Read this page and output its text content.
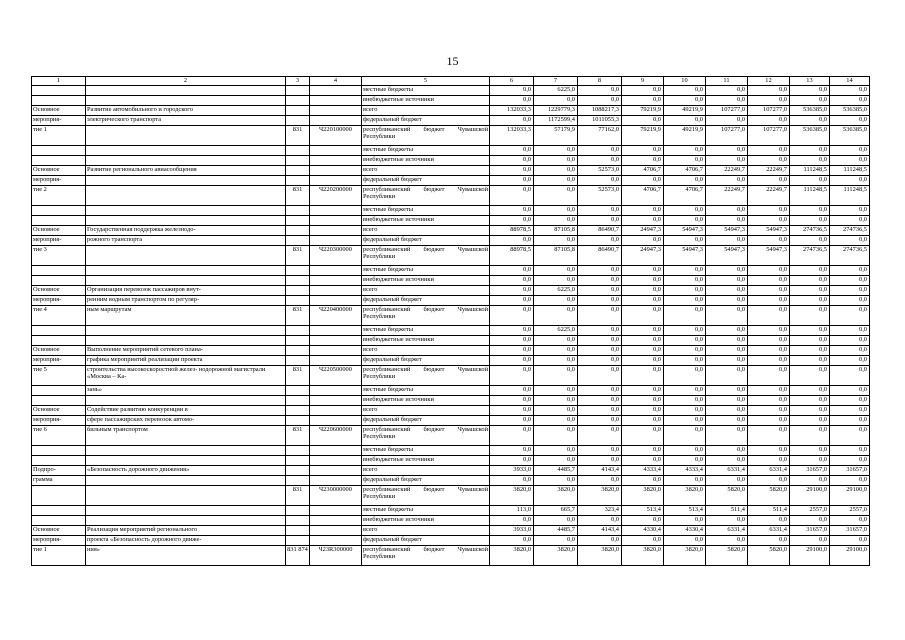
15
1	2	3	4	5	6	7	8	9	10	11	12	13	14
				местные бюджеты	0,0	6225,0	0,0	0,0	0,0	0,0	0,0	0,0	0,0
				внебюджетные источники	0,0	0,0	0,0	0,0	0,0	0,0	0,0	0,0	0,0
Основное	Развитие автомобильного и городского			всего	132033,3	1229779,3	1088217,3	79219,9	49219,9	107277,0	107277,0	536385,0	536385,0
мероприя-	электрического транспорта			федеральный бюджет	0,0	1172599,4	1011055,3	0,0	0,0	0,0	0,0	0,0	0,0
тие 1		831	Ч220100000	республиканский бюджет Чувашской Республики	132033,3	57179,9	77162,0	79219,9	49219,9	107277,0	107277,0	536385,0	536385,0
				местные бюджеты	0,0	0,0	0,0	0,0	0,0	0,0	0,0	0,0	0,0
				внебюджетные источники	0,0	0,0	0,0	0,0	0,0	0,0	0,0	0,0	0,0
Основное	Развитие регионального авиасообщения			всего	0,0	0,0	52573,0	4706,7	4706,7	22249,7	22249,7	111248,5	111248,5
мероприя-				федеральный бюджет	0,0	0,0	0,0	0,0	0,0	0,0	0,0	0,0	0,0
тие 2		831	Ч220200000	республиканский бюджет Чувашской Республики	0,0	0,0	52573,0	4706,7	4706,7	22249,7	22249,7	111248,5	111248,5
				местные бюджеты	0,0	0,0	0,0	0,0	0,0	0,0	0,0	0,0	0,0
				внебюджетные источники	0,0	0,0	0,0	0,0	0,0	0,0	0,0	0,0	0,0
Основное	Государственная поддержка железнодо-			всего	88978,5	87105,8	86490,7	24947,3	54947,3	54947,3	54947,3	274736,5	274736,5
мероприя-	рожного транспорта			федеральный бюджет	0,0	0,0	0,0	0,0	0,0	0,0	0,0	0,0	0,0
тие 3		831	Ч220300000	республиканский бюджет Чувашской Республики	88978,5	87105,8	86490,7	24947,3	54947,3	54947,3	54947,3	274736,5	274736,5
				местные бюджеты	0,0	0,0	0,0	0,0	0,0	0,0	0,0	0,0	0,0
				внебюджетные источники	0,0	0,0	0,0	0,0	0,0	0,0	0,0	0,0	0,0
Основное	Организация перевозок пассажиров внут-			всего	0,0	6225,0	0,0	0,0	0,0	0,0	0,0	0,0	0,0
мероприя-	ренним водным транспортом по регуляр-			федеральный бюджет	0,0	0,0	0,0	0,0	0,0	0,0	0,0	0,0	0,0
тие 4	ным маршрутам	831	Ч220400000	республиканский бюджет Чувашской Республики	0,0	0,0	0,0	0,0	0,0	0,0	0,0	0,0	0,0
				местные бюджеты	0,0	6225,0	0,0	0,0	0,0	0,0	0,0	0,0	0,0
				внебюджетные источники	0,0	0,0	0,0	0,0	0,0	0,0	0,0	0,0	0,0
Основное	Выполнение мероприятий сетевого плана-			всего	0,0	0,0	0,0	0,0	0,0	0,0	0,0	0,0	0,0
мероприя-	графика мероприятий реализации проекта			федеральный бюджет	0,0	0,0	0,0	0,0	0,0	0,0	0,0	0,0	0,0
тие 5	строительства высокоскоростной желез- нодорожной магистрали «Москва – Ка-	831	Ч220500000	республиканский бюджет Чувашской Республики	0,0	0,0	0,0	0,0	0,0	0,0	0,0	0,0	0,0
	зань»			местные бюджеты	0,0	0,0	0,0	0,0	0,0	0,0	0,0	0,0	0,0
				внебюджетные источники	0,0	0,0	0,0	0,0	0,0	0,0	0,0	0,0	0,0
Основное	Содействие развитию конкуренции в			всего	0,0	0,0	0,0	0,0	0,0	0,0	0,0	0,0	0,0
мероприя-	сфере пассажирских перевозок автомо-			федеральный бюджет	0,0	0,0	0,0	0,0	0,0	0,0	0,0	0,0	0,0
тие 6	бильным транспортом	831	Ч220600000	республиканский бюджет Чувашской Республики	0,0	0,0	0,0	0,0	0,0	0,0	0,0	0,0	0,0
				местные бюджеты	0,0	0,0	0,0	0,0	0,0	0,0	0,0	0,0	0,0
				внебюджетные источники	0,0	0,0	0,0	0,0	0,0	0,0	0,0	0,0	0,0
Подпро-	«Безопасность дорожного движения»			всего	3933,0	4485,7	4143,4	4333,4	4333,4	6331,4	6331,4	31657,0	31657,0
грамма				федеральный бюджет	0,0	0,0	0,0	0,0	0,0	0,0	0,0	0,0	0,0
		831	Ч230000000	республиканский бюджет Чувашской Республики	3820,0	3820,0	3820,0	3820,0	3820,0	5820,0	5820,0	29100,0	29100,0
				местные бюджеты	113,0	665,7	323,4	513,4	513,4	511,4	511,4	2557,0	2557,0
				внебюджетные источники	0,0	0,0	0,0	0,0	0,0	0,0	0,0	0,0	0,0
Основное	Реализация мероприятий регионального			всего	3933,0	4485,7	4143,4	4330,4	4330,4	6331,4	6331,4	31657,0	31657,0
мероприя-	проекта «Безопасность дорожного движе-			федеральный бюджет	0,0	0,0	0,0	0,0	0,0	0,0	0,0	0,0	0,0
тие 1	ния»	831 874	Ч23R300000	республиканский бюджет Чувашской Республики	3820,0	3820,0	3820,0	3820,0	3820,0	5820,0	5820,0	29100,0	29100,0
